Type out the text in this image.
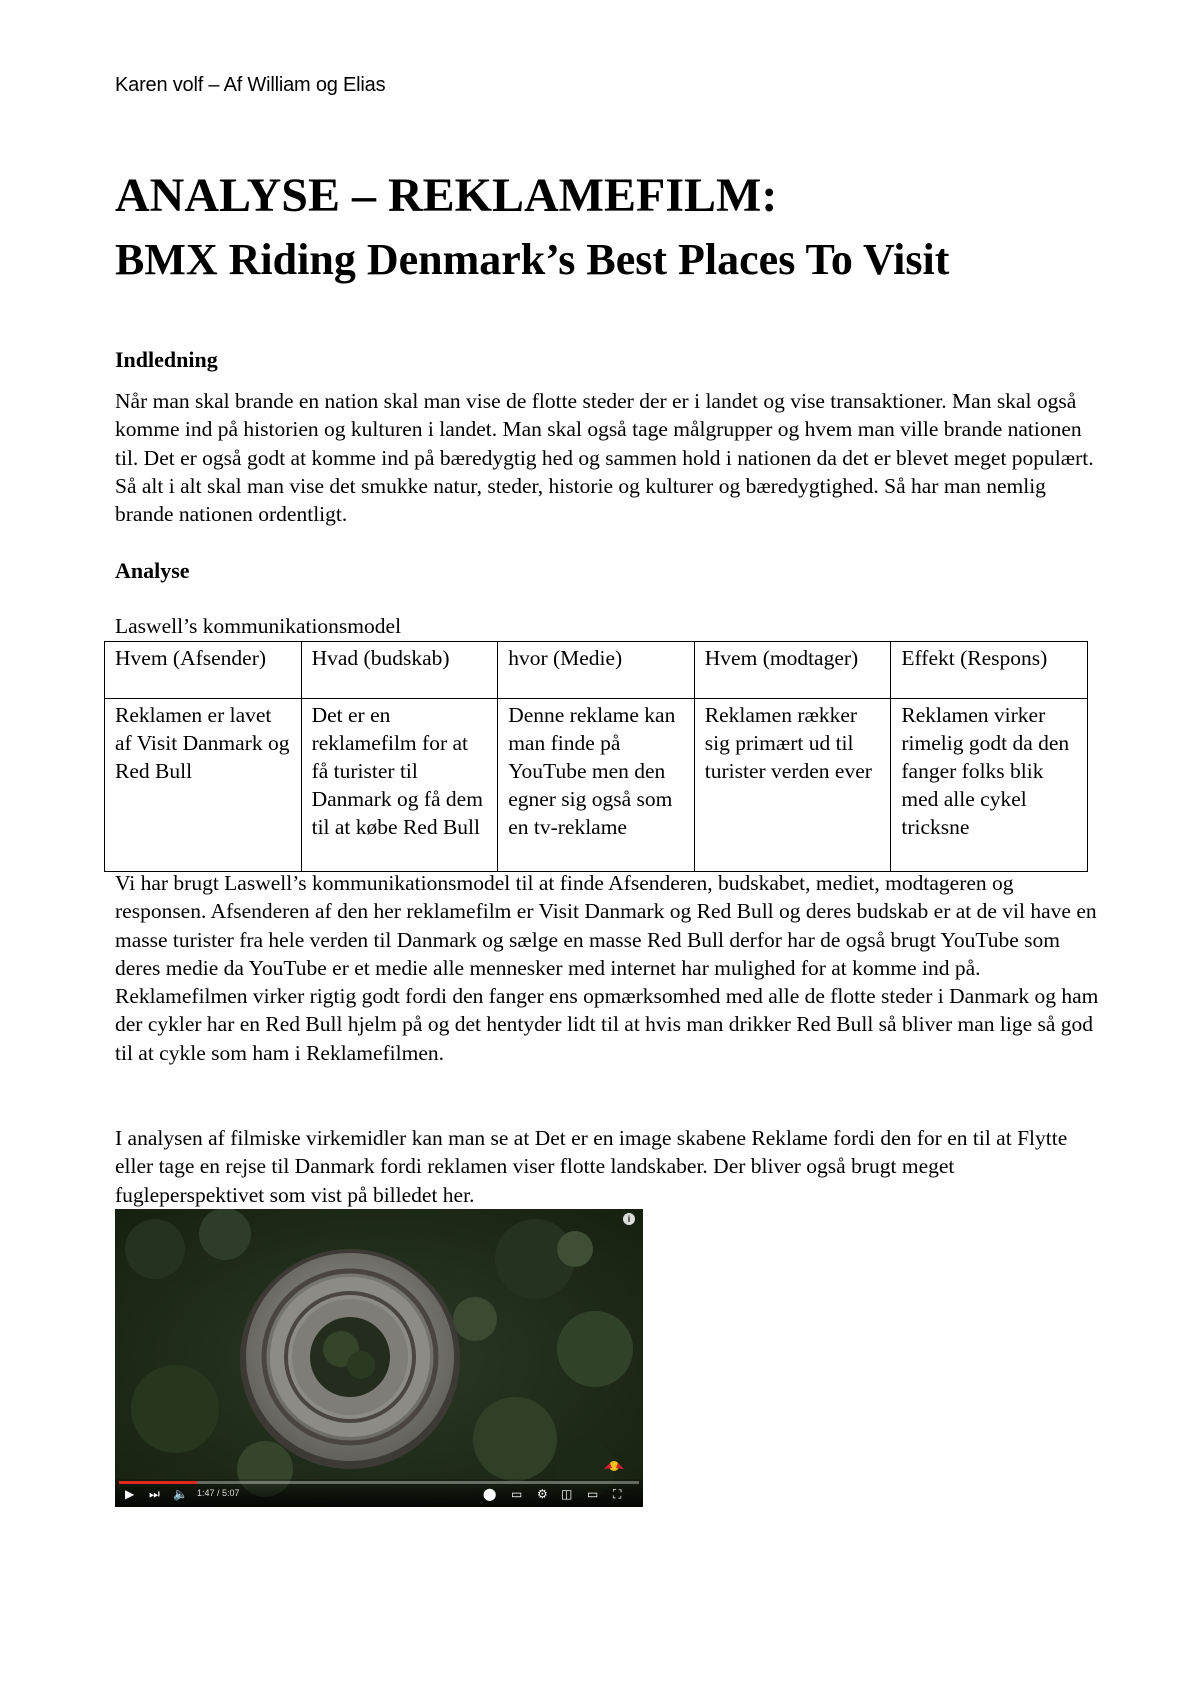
Karen volf – Af William og Elias
ANALYSE – REKLAMEFILM:
BMX Riding Denmark’s Best Places To Visit
Indledning
Når man skal brande en nation skal man vise de flotte steder der er i landet og vise transaktioner. Man skal også komme ind på historien og kulturen i landet. Man skal også tage målgrupper og hvem man ville brande nationen til. Det er også godt at komme ind på bæredygtig hed og sammen hold i nationen da det er blevet meget populært. Så alt i alt skal man vise det smukke natur, steder, historie og kulturer og bæredygtighed. Så har man nemlig brande nationen ordentligt.
Analyse
Laswell’s kommunikationsmodel
Hvem (Afsender)	Hvad (budskab)	hvor (Medie)	Hvem (modtager)	Effekt (Respons)
Reklamen er lavet af Visit Danmark og Red Bull	Det er en reklamefilm for at få turister til Danmark og få dem til at købe Red Bull	Denne reklame kan man finde på YouTube men den egner sig også som en tv-reklame	Reklamen rækker sig primært ud til turister verden ever	Reklamen virker rimelig godt da den fanger folks blik med alle cykel tricksne
Vi har brugt Laswell’s kommunikationsmodel til at finde Afsenderen, budskabet, mediet, modtageren og responsen. Afsenderen af den her reklamefilm er Visit Danmark og Red Bull og deres budskab er at de vil have en masse turister fra hele verden til Danmark og sælge en masse Red Bull derfor har de også brugt YouTube som deres medie da YouTube er et medie alle mennesker med internet har mulighed for at komme ind på. Reklamefilmen virker rigtig godt fordi den fanger ens opmærksomhed med alle de flotte steder i Danmark og ham der cykler har en Red Bull hjelm på og det hentyder lidt til at hvis man drikker Red Bull så bliver man lige så god til at cykle som ham i Reklamefilmen.
I analysen af filmiske virkemidler kan man se at Det er en image skabene Reklame fordi den for en til at Flytte eller tage en rejse til Danmark fordi reklamen viser flotte landskaber. Der bliver også brugt meget fugleperspektivet som vist på billedet her.
i
▶ ⏭ 🔈 1:47 / 5:07	⬤ ▭ ⚙ ◫ ▭ ⛶
